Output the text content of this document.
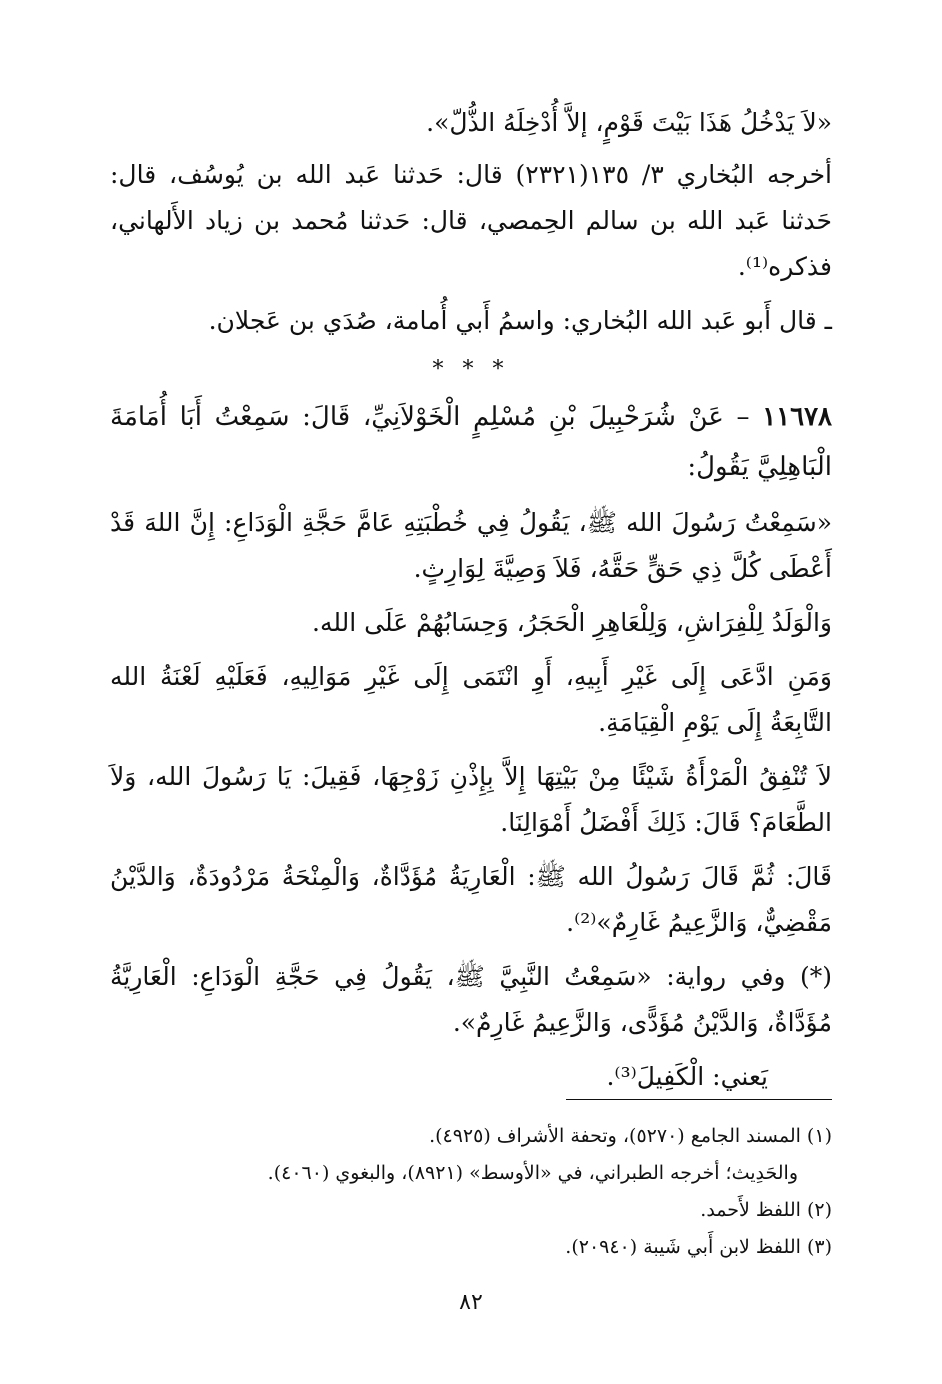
«لاَ يَدْخُلُ هَذَا بَيْتَ قَوْمٍ، إلاَّ أُدْخِلَهُ الذُّلّ».

أخرجه البُخاري ٣/ ١٣٥(٢٣٢١) قال: حَدثنا عَبد الله بن يُوسُف، قال: حَدثنا عَبد الله بن سالم الحِمصي، قال: حَدثنا مُحمد بن زياد الأَلهاني، فذكره⁽¹⁾.

ـ قال أَبو عَبد الله البُخاري: واسمُ أَبي أُمامة، صُدَي بن عَجلان.

* * *

١١٦٧٨ – عَنْ شُرَحْبِيلَ بْنِ مُسْلِمٍ الْخَوْلاَنِيِّ، قَالَ: سَمِعْتُ أَبَا أُمَامَةَ الْبَاهِلِيَّ يَقُولُ:

«سَمِعْتُ رَسُولَ الله ﷺ، يَقُولُ فِي خُطْبَتِهِ عَامَّ حَجَّةِ الْوَدَاعِ: إِنَّ اللهَ قَدْ أَعْطَى كُلَّ ذِي حَقٍّ حَقَّهُ، فَلاَ وَصِيَّةَ لِوَارِثٍ.

وَالْوَلَدُ لِلْفِرَاشِ، وَلِلْعَاهِرِ الْحَجَرُ، وَحِسَابُهُمْ عَلَى الله.

وَمَنِ ادَّعَى إِلَى غَيْرِ أَبِيهِ، أَوِ انْتَمَى إِلَى غَيْرِ مَوَالِيهِ، فَعَلَيْهِ لَعْنَةُ الله التَّابِعَةُ إِلَى يَوْمِ الْقِيَامَةِ.

لاَ تُنْفِقُ الْمَرْأَةُ شَيْئًا مِنْ بَيْتِهَا إِلاَّ بِإِذْنِ زَوْجِهَا، فَقِيلَ: يَا رَسُولَ الله، وَلاَ الطَّعَامَ؟ قَالَ: ذَلِكَ أَفْضَلُ أَمْوَالِنَا.

قَالَ: ثُمَّ قَالَ رَسُولُ الله ﷺ: الْعَارِيَةُ مُؤَدَّاةٌ، وَالْمِنْحَةُ مَرْدُودَةٌ، وَالدَّيْنُ مَقْضِيٌّ، وَالزَّعِيمُ غَارِمٌ»⁽²⁾.

(*) وفي رواية: «سَمِعْتُ النَّبِيَّ ﷺ، يَقُولُ فِي حَجَّةِ الْوَدَاعِ: الْعَارِيَّةُ مُؤَدَّاةٌ، وَالدَّيْنُ مُؤَدًّى، وَالزَّعِيمُ غَارِمٌ».

يَعني: الْكَفِيلَ⁽³⁾.

(١) المسند الجامع (٥٢٧٠)، وتحفة الأشراف (٤٩٢٥).

والحَدِيث؛ أخرجه الطبراني، في «الأوسط» (٨٩٢١)، والبغوي (٤٠٦٠).

(٢) اللفظ لأَحمد.

(٣) اللفظ لابن أَبي شَيبة (٢٠٩٤٠).

٨٢
